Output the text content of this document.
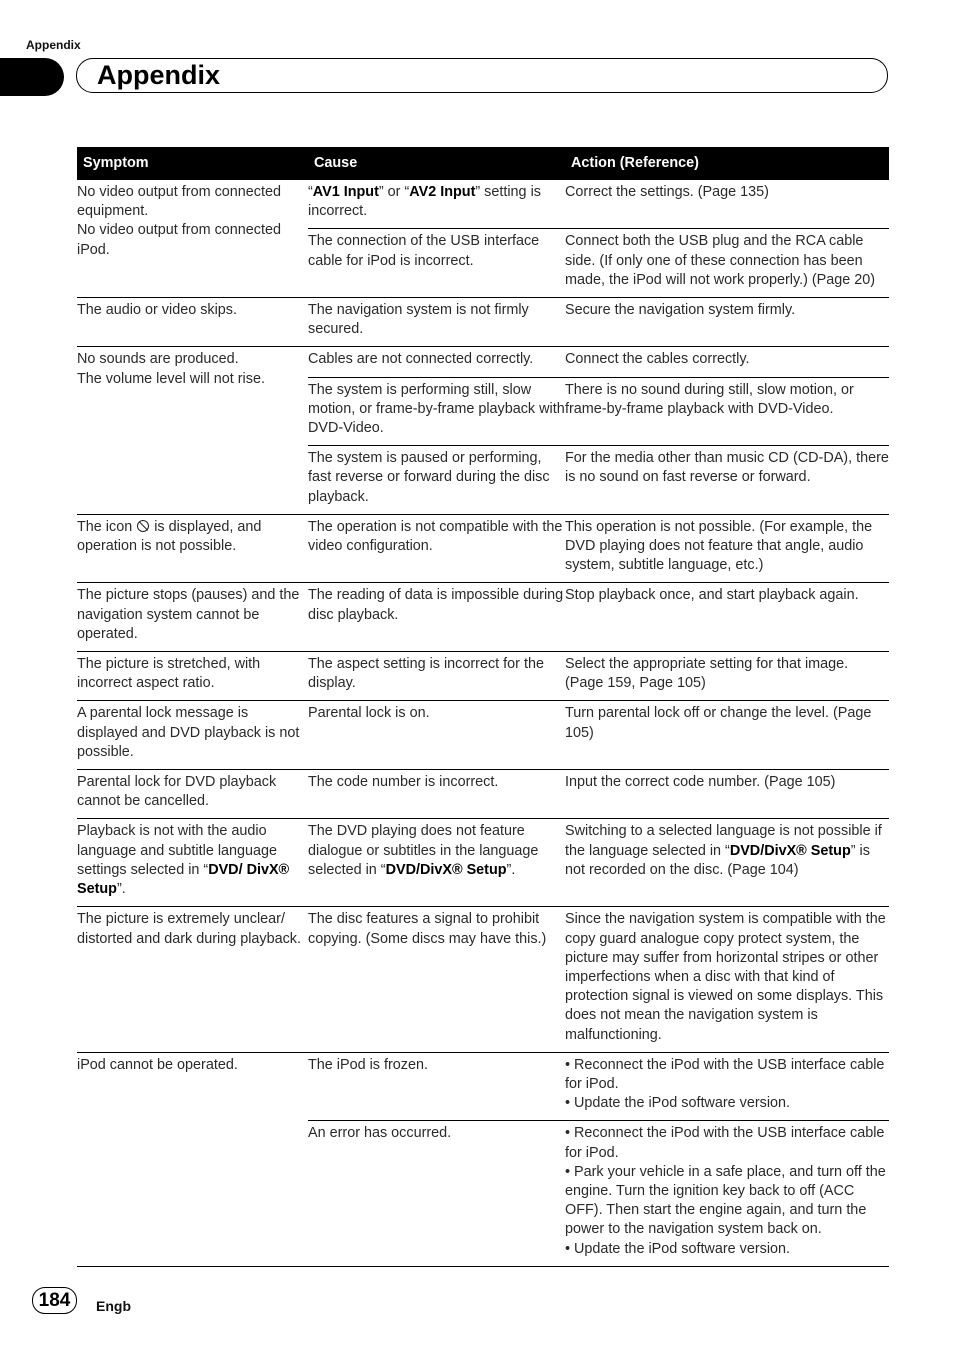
Appendix
Appendix
Symptom	Cause	Action (Reference)

No video output from connected equipment.
No video output from connected iPod.	“AV1 Input” or “AV2 Input” setting is incorrect.	Correct the settings. (Page 135)
	The connection of the USB interface cable for iPod is incorrect.	Connect both the USB plug and the RCA cable side. (If only one of these connection has been made, the iPod will not work properly.) (Page 20)
The audio or video skips.	The navigation system is not firmly secured.	Secure the navigation system firmly.

No sounds are produced.
The volume level will not rise.	Cables are not connected correctly.	Connect the cables correctly.
	The system is performing still, slow motion, or frame-by-frame playback with DVD-Video.	There is no sound during still, slow motion, or frame-by-frame playback with DVD-Video.
	The system is paused or performing, fast reverse or forward during the disc playback.	For the media other than music CD (CD-DA), there is no sound on fast reverse or forward.
The icon  is displayed, and operation is not possible.	The operation is not compatible with the video configuration.	This operation is not possible. (For example, the DVD playing does not feature that angle, audio system, subtitle language, etc.)
The picture stops (pauses) and the navigation system cannot be operated.	The reading of data is impossible during disc playback.	Stop playback once, and start playback again.
The picture is stretched, with incorrect aspect ratio.	The aspect setting is incorrect for the display.	Select the appropriate setting for that image. (Page 159, Page 105)
A parental lock message is displayed and DVD playback is not possible.	Parental lock is on.	Turn parental lock off or change the level. (Page 105)
Parental lock for DVD playback cannot be cancelled.	The code number is incorrect.	Input the correct code number. (Page 105)
Playback is not with the audio language and subtitle language settings selected in “DVD/ DivX® Setup”.	The DVD playing does not feature dialogue or subtitles in the language selected in “DVD/DivX® Setup”.	Switching to a selected language is not possible if the language selected in “DVD/DivX® Setup” is not recorded on the disc. (Page 104)
The picture is extremely unclear/ distorted and dark during playback.	The disc features a signal to prohibit copying. (Some discs may have this.)	Since the navigation system is compatible with the copy guard analogue copy protect system, the picture may suffer from horizontal stripes or other imperfections when a disc with that kind of protection signal is viewed on some displays. This does not mean the navigation system is malfunctioning.
iPod cannot be operated.	The iPod is frozen.	• Reconnect the iPod with the USB interface cable for iPod.
• Update the iPod software version.

	An error has occurred.	• Reconnect the iPod with the USB interface cable for iPod.
• Park your vehicle in a safe place, and turn off the engine. Turn the ignition key back to off (ACC OFF). Then start the engine again, and turn the power to the navigation system back on.
• Update the iPod software version.
184	Engb
